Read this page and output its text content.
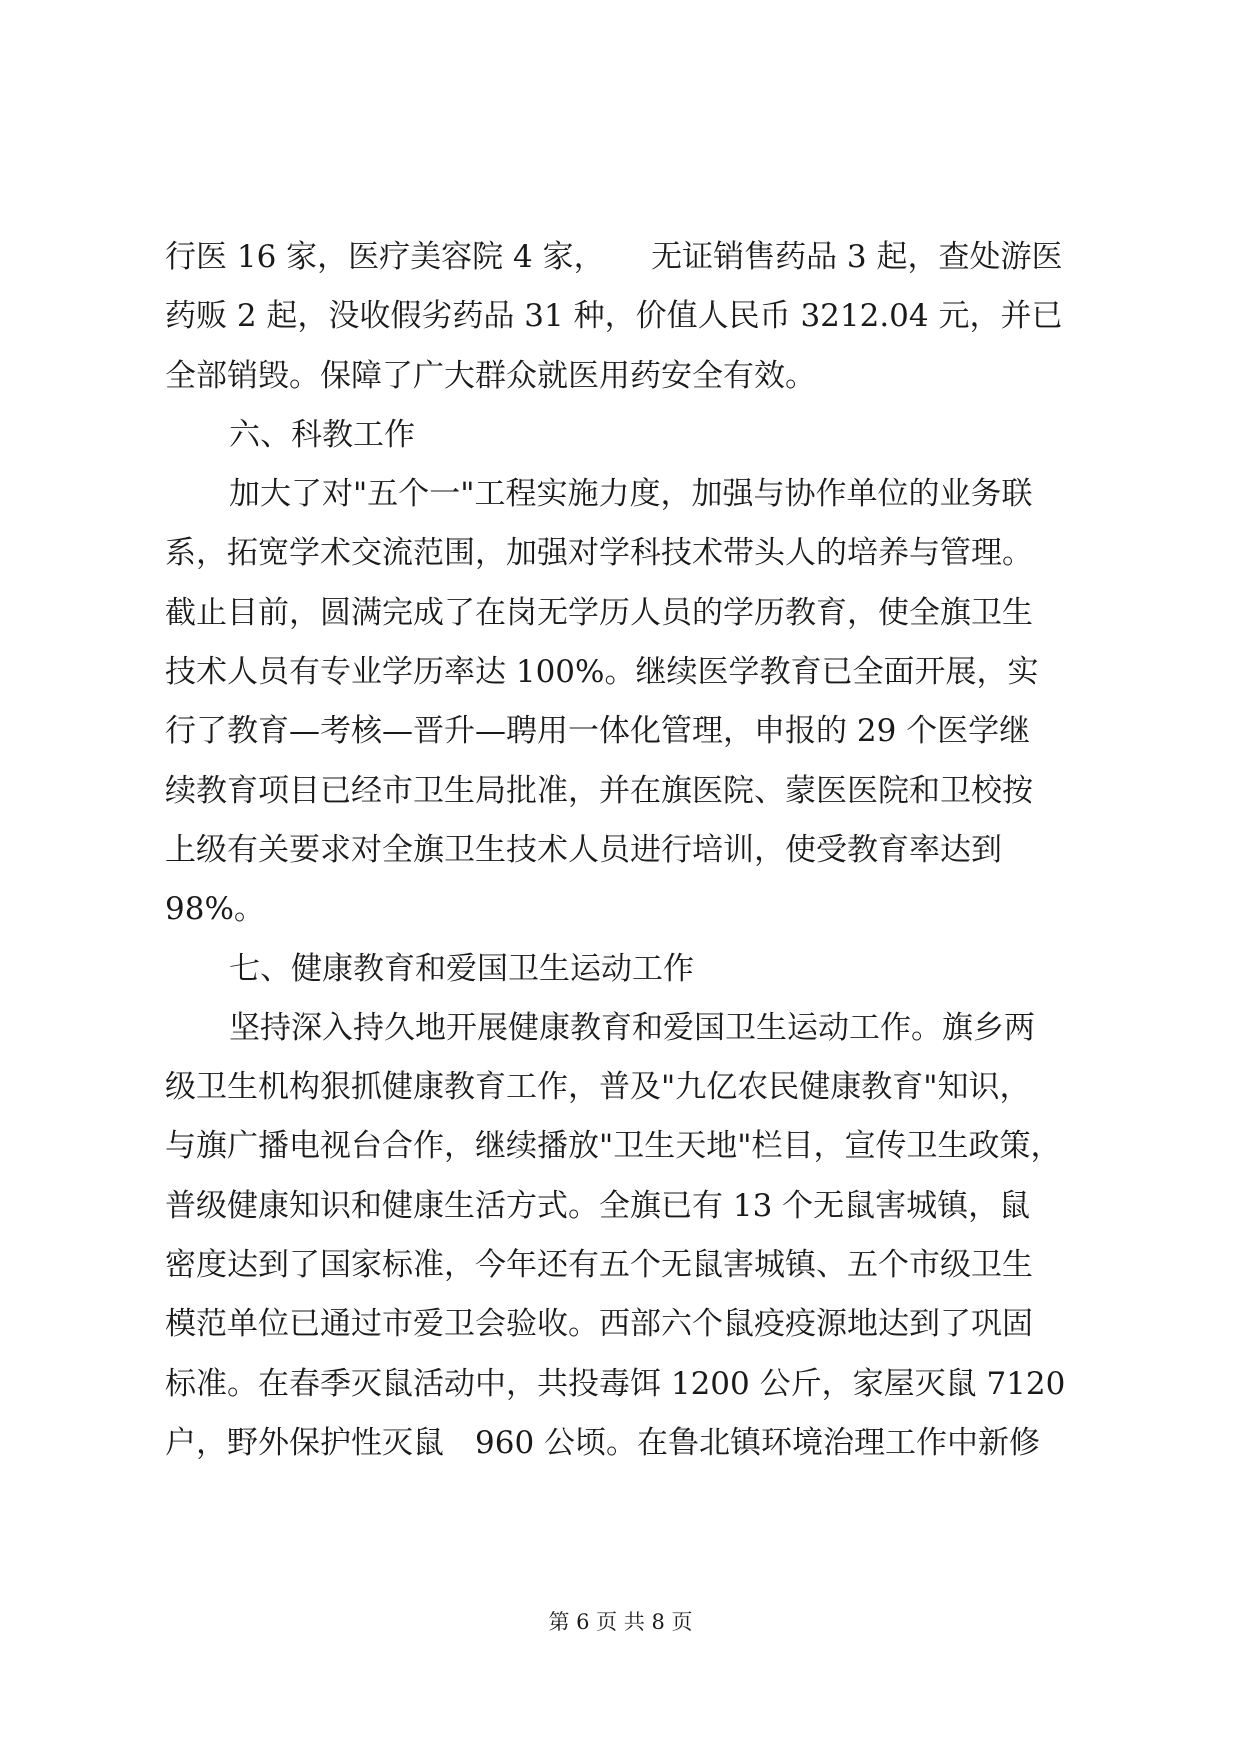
行医 16 家，医疗美容院 4 家，　　无证销售药品 3 起，查处游医
药贩 2 起，没收假劣药品 31 种，价值人民币 3212.04 元，并已
全部销毁。保障了广大群众就医用药安全有效。
六、科教工作
加大了对"五个一"工程实施力度，加强与协作单位的业务联
系，拓宽学术交流范围，加强对学科技术带头人的培养与管理。
截止目前，圆满完成了在岗无学历人员的学历教育，使全旗卫生
技术人员有专业学历率达 100%。继续医学教育已全面开展，实
行了教育—考核—晋升—聘用一体化管理，申报的 29 个医学继
续教育项目已经市卫生局批准，并在旗医院、蒙医医院和卫校按
上级有关要求对全旗卫生技术人员进行培训，使受教育率达到
98%。
七、健康教育和爱国卫生运动工作
坚持深入持久地开展健康教育和爱国卫生运动工作。旗乡两
级卫生机构狠抓健康教育工作，普及"九亿农民健康教育"知识，
与旗广播电视台合作，继续播放"卫生天地"栏目，宣传卫生政策，
普级健康知识和健康生活方式。全旗已有 13 个无鼠害城镇，鼠
密度达到了国家标准，今年还有五个无鼠害城镇、五个市级卫生
模范单位已通过市爱卫会验收。西部六个鼠疫疫源地达到了巩固
标准。在春季灭鼠活动中，共投毒饵 1200 公斤，家屋灭鼠 7120
户，野外保护性灭鼠　960 公顷。在鲁北镇环境治理工作中新修
第 6 页 共 8 页
